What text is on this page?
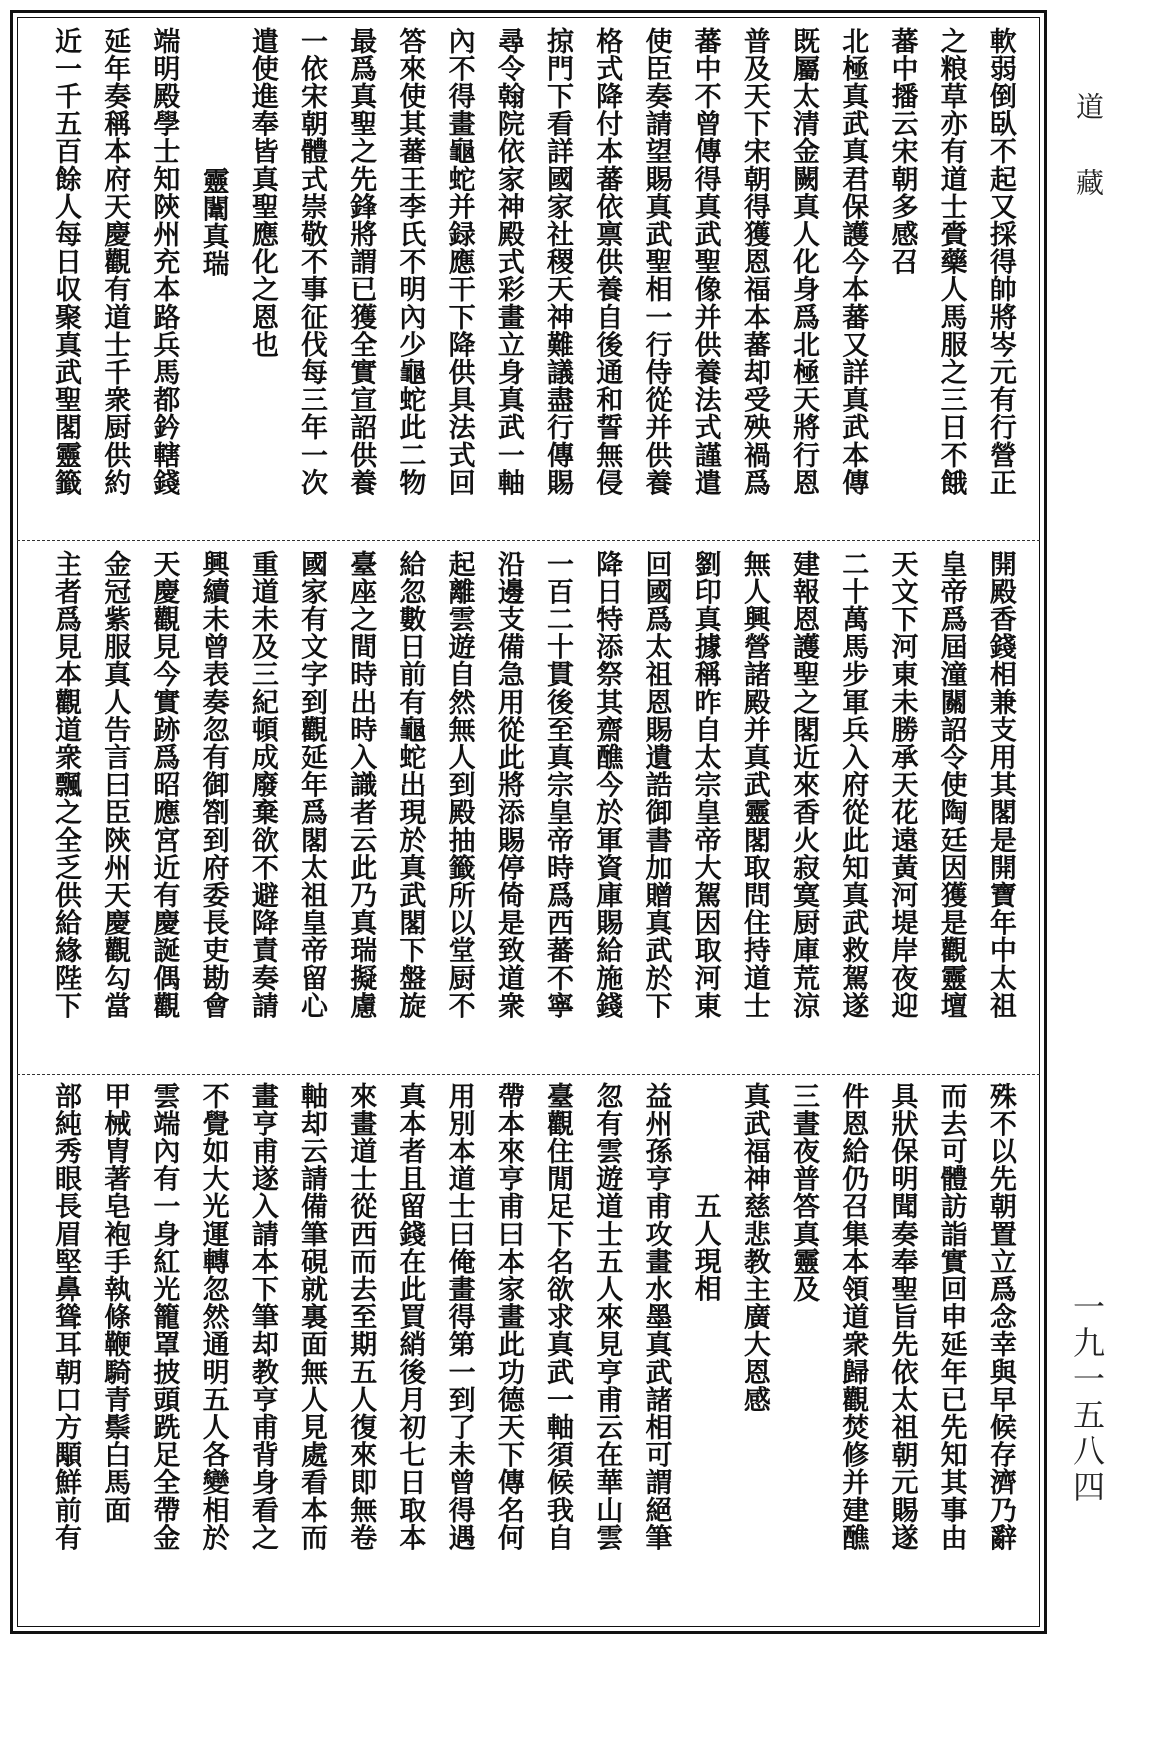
軟弱倒臥不起又採得帥將岑元有行營正
之粮草亦有道士賫藥人馬服之三日不餓
蕃中播云宋朝多感召
北極真武真君保護今本蕃又詳真武本傳
既屬太清金闕真人化身爲北極天將行恩
普及天下宋朝得獲恩福本蕃却受殃禍爲
蕃中不曾傳得真武聖像并供養法式謹遣
使臣奏請望賜真武聖相一行侍從并供養
格式降付本蕃依禀供養自後通和誓無侵
掠門下看詳國家社稷天神難議盡行傳賜
尋令翰院依家神殿式彩畫立身真武一軸
內不得畫龜蛇并録應干下降供具法式回
答來使其蕃王李氏不明內少龜蛇此二物
最爲真聖之先鋒將謂已獲全實宣詔供養
一依宋朝體式崇敬不事征伐每三年一次
遣使進奉皆真聖應化之恩也
靈闈真瑞
端明殿學士知陝州充本路兵馬都鈐轄錢
延年奏稱本府天慶觀有道士千衆厨供約
近一千五百餘人每日収聚真武聖閣靈籤
開殿香錢相兼支用其閣是開寶年中太祖
皇帝爲屆潼關詔令使陶廷因獲是觀靈壇
天文下河東未勝承天花遠黃河堤岸夜迎
二十萬馬步軍兵入府從此知真武救駕遂
建報恩護聖之閣近來香火寂寞厨庫荒涼
無人興營諸殿并真武靈閣取問住持道士
劉印真據稱昨自太宗皇帝大駕因取河東
回國爲太祖恩賜遺誥御書加贈真武於下
降日特添祭其齋醮今於軍資庫賜給施錢
一百二十貫後至真宗皇帝時爲西蕃不寧
沿邊支備急用從此將添賜停倚是致道衆
起離雲遊自然無人到殿抽籤所以堂厨不
給忽數日前有龜蛇出現於真武閣下盤旋
臺座之間時出時入識者云此乃真瑞擬慮
國家有文字到觀延年爲閣太祖皇帝留心
重道未及三紀頓成廢棄欲不避降責奏請
興續未曾表奏忽有御劄到府委長吏勘會
天慶觀見今實跡爲昭應宮近有慶誕偶觀
金冠紫服真人告言曰臣陝州天慶觀勾當
主者爲見本觀道衆飄之全乏供給緣陛下
殊不以先朝置立爲念幸與早候存濟乃辭
而去可體訪詣實回申延年已先知其事由
具狀保明聞奏奉聖旨先依太祖朝元賜遂
件恩給仍召集本領道衆歸觀焚修并建醮
三晝夜普答真靈及
真武福神慈悲教主廣大恩感
五人現相
益州孫亨甫攻畫水墨真武諸相可謂絕筆
忽有雲遊道士五人來見亨甫云在華山雲
臺觀住閒足下名欲求真武一軸須候我自
帶本來亨甫曰本家畫此功德天下傳名何
用別本道士曰俺畫得第一到了未曾得遇
真本者且留錢在此買綃後月初七日取本
來畫道士從西而去至期五人復來即無卷
軸却云請備筆硯就裏面無人見處看本而
畫亨甫遂入請本下筆却教亨甫背身看之
不覺如大光運轉忽然通明五人各變相於
雲端內有一身紅光籠罩披頭跣足全帶金
甲械胄著皂袍手執條鞭騎青鬃白馬面
部純秀眼長眉堅鼻聳耳朝口方顒鮮前有
道藏
一九一五八四
